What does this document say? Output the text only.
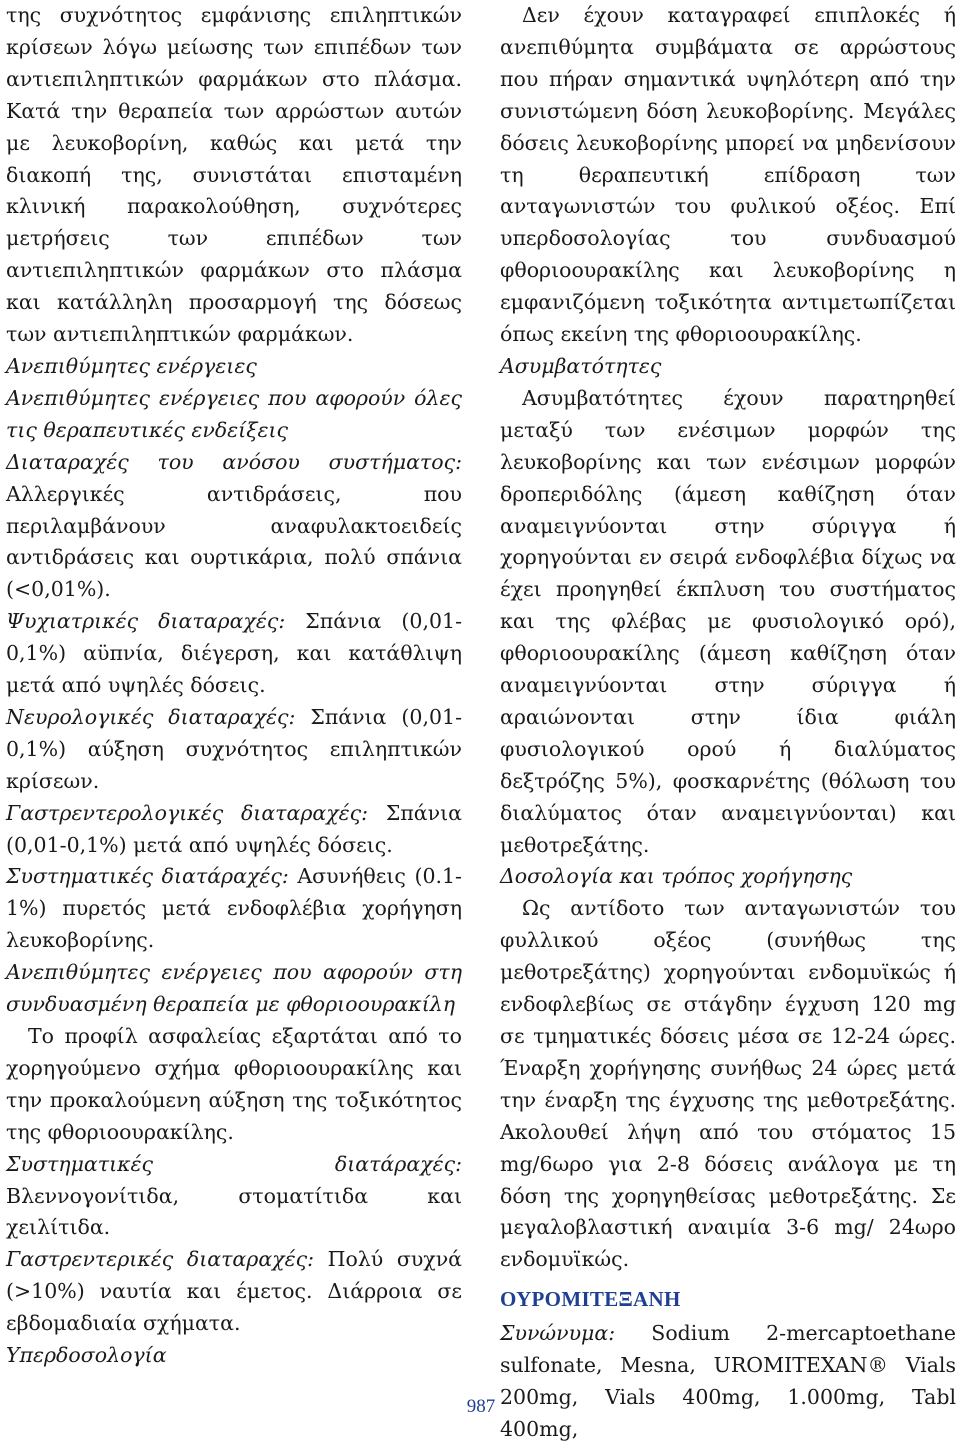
της συχνότητος εμφάνισης επιληπτικών κρίσεων λόγω μείωσης των επιπέδων των αντιεπιληπτικών φαρμάκων στο πλάσμα. Κατά την θεραπεία των αρρώστων αυτών με λευκοβορίνη, καθώς και μετά την διακοπή της, συνιστάται επισταμένη κλινική παρακολούθηση, συχνότερες μετρήσεις των επιπέδων των αντιεπιληπτικών φαρμάκων στο πλάσμα και κατάλληλη προσαρμογή της δόσεως των αντιεπιληπτικών φαρμάκων.

Ανεπιθύμητες ενέργειες

Ανεπιθύμητες ενέργειες που αφορούν όλες τις θεραπευτικές ενδείξεις

Διαταραχές του ανόσου συστήματος: Αλλεργικές αντιδράσεις, που περιλαμβάνουν αναφυλακτοειδείς αντιδράσεις και ουρτικάρια, πολύ σπάνια (<0,01%).

Ψυχιατρικές διαταραχές: Σπάνια (0,01-0,1%) αϋπνία, διέγερση, και κατάθλιψη μετά από υψηλές δόσεις.

Νευρολογικές διαταραχές: Σπάνια (0,01-0,1%) αύξηση συχνότητος επιληπτικών κρίσεων.

Γαστρεντερολογικές διαταραχές: Σπάνια (0,01-0,1%) μετά από υψηλές δόσεις.

Συστηματικές διατάραχές: Ασυνήθεις (0.1-1%) πυρετός μετά ενδοφλέβια χορήγηση λευκοβορίνης.

Ανεπιθύμητες ενέργειες που αφορούν στη συνδυασμένη θεραπεία με φθοριοουρακίλη

Το προφίλ ασφαλείας εξαρτάται από το χορηγούμενο σχήμα φθοριοουρακίλης και την προκαλούμενη αύξηση της τοξικότητος της φθοριοουρακίλης.

Συστηματικές διατάραχές: Βλεννογονίτιδα, στοματίτιδα και χειλίτιδα.

Γαστρεντερικές διαταραχές: Πολύ συχνά (>10%) ναυτία και έμετος. Διάρροια σε εβδομαδιαία σχήματα.

Υπερδοσολογία

Δεν έχουν καταγραφεί επιπλοκές ή ανεπιθύμητα συμβάματα σε αρρώστους που πήραν σημαντικά υψηλότερη από την συνιστώμενη δόση λευκοβορίνης. Μεγάλες δόσεις λευκοβορίνης μπορεί να μηδενίσουν τη θεραπευτική επίδραση των ανταγωνιστών του φυλικού οξέος. Επί υπερδοσολογίας του συνδυασμού φθοριοουρακίλης και λευκοβορίνης η εμφανιζόμενη τοξικότητα αντιμετωπίζεται όπως εκείνη της φθοριοουρακίλης.

Ασυμβατότητες

Ασυμβατότητες έχουν παρατηρηθεί μεταξύ των ενέσιμων μορφών της λευκοβορίνης και των ενέσιμων μορφών δροπεριδόλης (άμεση καθίζηση όταν αναμειγνύονται στην σύριγγα ή χορηγούνται εν σειρά ενδοφλέβια δίχως να έχει προηγηθεί έκπλυση του συστήματος και της φλέβας με φυσιολογικό ορό), φθοριοουρακίλης (άμεση καθίζηση όταν αναμειγνύονται στην σύριγγα ή αραιώνονται στην ίδια φιάλη φυσιολογικού ορού ή διαλύματος δεξτρόζης 5%), φοσκαρνέτης (θόλωση του διαλύματος όταν αναμειγνύονται) και μεθοτρεξάτης.

Δοσολογία και τρόπος χορήγησης

Ως αντίδοτο των ανταγωνιστών του φυλλικού οξέος (συνήθως της μεθοτρεξάτης) χορηγούνται ενδομυϊκώς ή ενδοφλεβίως σε στάγδην έγχυση 120 mg σε τμηματικές δόσεις μέσα σε 12-24 ώρες. Έναρξη χορήγησης συνήθως 24 ώρες μετά την έναρξη της έγχυσης της μεθοτρεξάτης. Ακολουθεί λήψη από του στόματος 15 mg/6ωρο για 2-8 δόσεις ανάλογα με τη δόση της χορηγηθείσας μεθοτρεξάτης. Σε μεγαλοβλαστική αναιμία 3-6 mg/ 24ωρο ενδομυϊκώς.

ΟΥΡΟΜΙΤΕΞΑΝΗ

Συνώνυμα: Sodium 2-mercaptoethane sulfonate, Mesna, UROMITEXAN® Vials 200mg, Vials 400mg, 1.000mg, Tabl 400mg,

987
